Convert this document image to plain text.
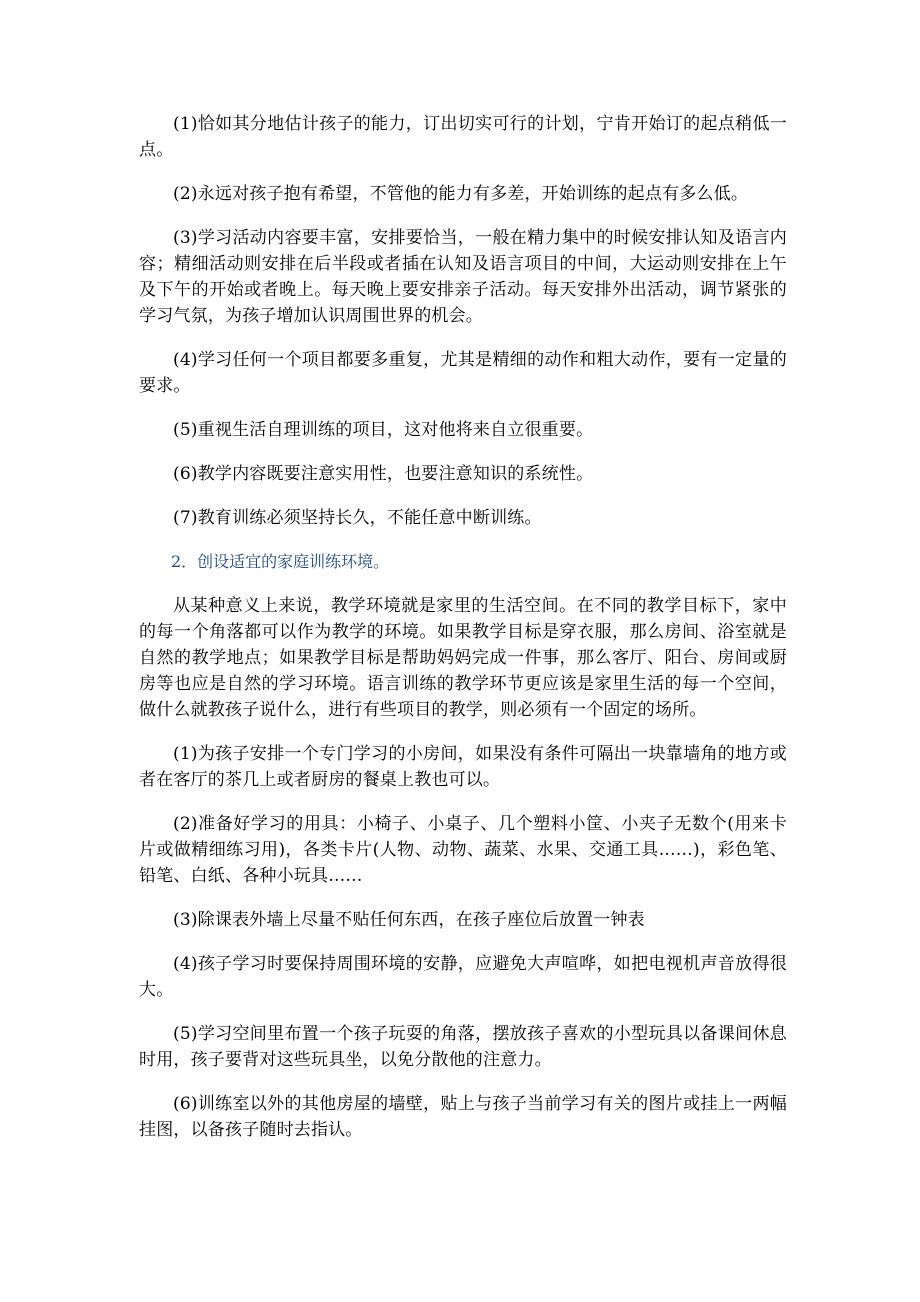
(1)恰如其分地估计孩子的能力，订出切实可行的计划，宁肯开始订的起点稍低一点。

(2)永远对孩子抱有希望，不管他的能力有多差，开始训练的起点有多么低。

(3)学习活动内容要丰富，安排要恰当，一般在精力集中的时候安排认知及语言内容；精细活动则安排在后半段或者插在认知及语言项目的中间，大运动则安排在上午及下午的开始或者晚上。每天晚上要安排亲子活动。每天安排外出活动，调节紧张的学习气氛，为孩子增加认识周围世界的机会。

(4)学习任何一个项目都要多重复，尤其是精细的动作和粗大动作，要有一定量的要求。

(5)重视生活自理训练的项目，这对他将来自立很重要。

(6)教学内容既要注意实用性，也要注意知识的系统性。

(7)教育训练必须坚持长久，不能任意中断训练。

2．创设适宜的家庭训练环境。

从某种意义上来说，教学环境就是家里的生活空间。在不同的教学目标下，家中的每一个角落都可以作为教学的环境。如果教学目标是穿衣服，那么房间、浴室就是自然的教学地点；如果教学目标是帮助妈妈完成一件事，那么客厅、阳台、房间或厨房等也应是自然的学习环境。语言训练的教学环节更应该是家里生活的每一个空间，做什么就教孩子说什么，进行有些项目的教学，则必须有一个固定的场所。

(1)为孩子安排一个专门学习的小房间，如果没有条件可隔出一块靠墙角的地方或者在客厅的茶几上或者厨房的餐桌上教也可以。

(2)准备好学习的用具：小椅子、小桌子、几个塑料小筐、小夹子无数个(用来卡片或做精细练习用)，各类卡片(人物、动物、蔬菜、水果、交通工具……)，彩色笔、铅笔、白纸、各种小玩具……

(3)除课表外墙上尽量不贴任何东西，在孩子座位后放置一钟表

(4)孩子学习时要保持周围环境的安静，应避免大声喧哗，如把电视机声音放得很大。

(5)学习空间里布置一个孩子玩耍的角落，摆放孩子喜欢的小型玩具以备课间休息时用，孩子要背对这些玩具坐，以免分散他的注意力。

(6)训练室以外的其他房屋的墙壁，贴上与孩子当前学习有关的图片或挂上一两幅挂图，以备孩子随时去指认。
